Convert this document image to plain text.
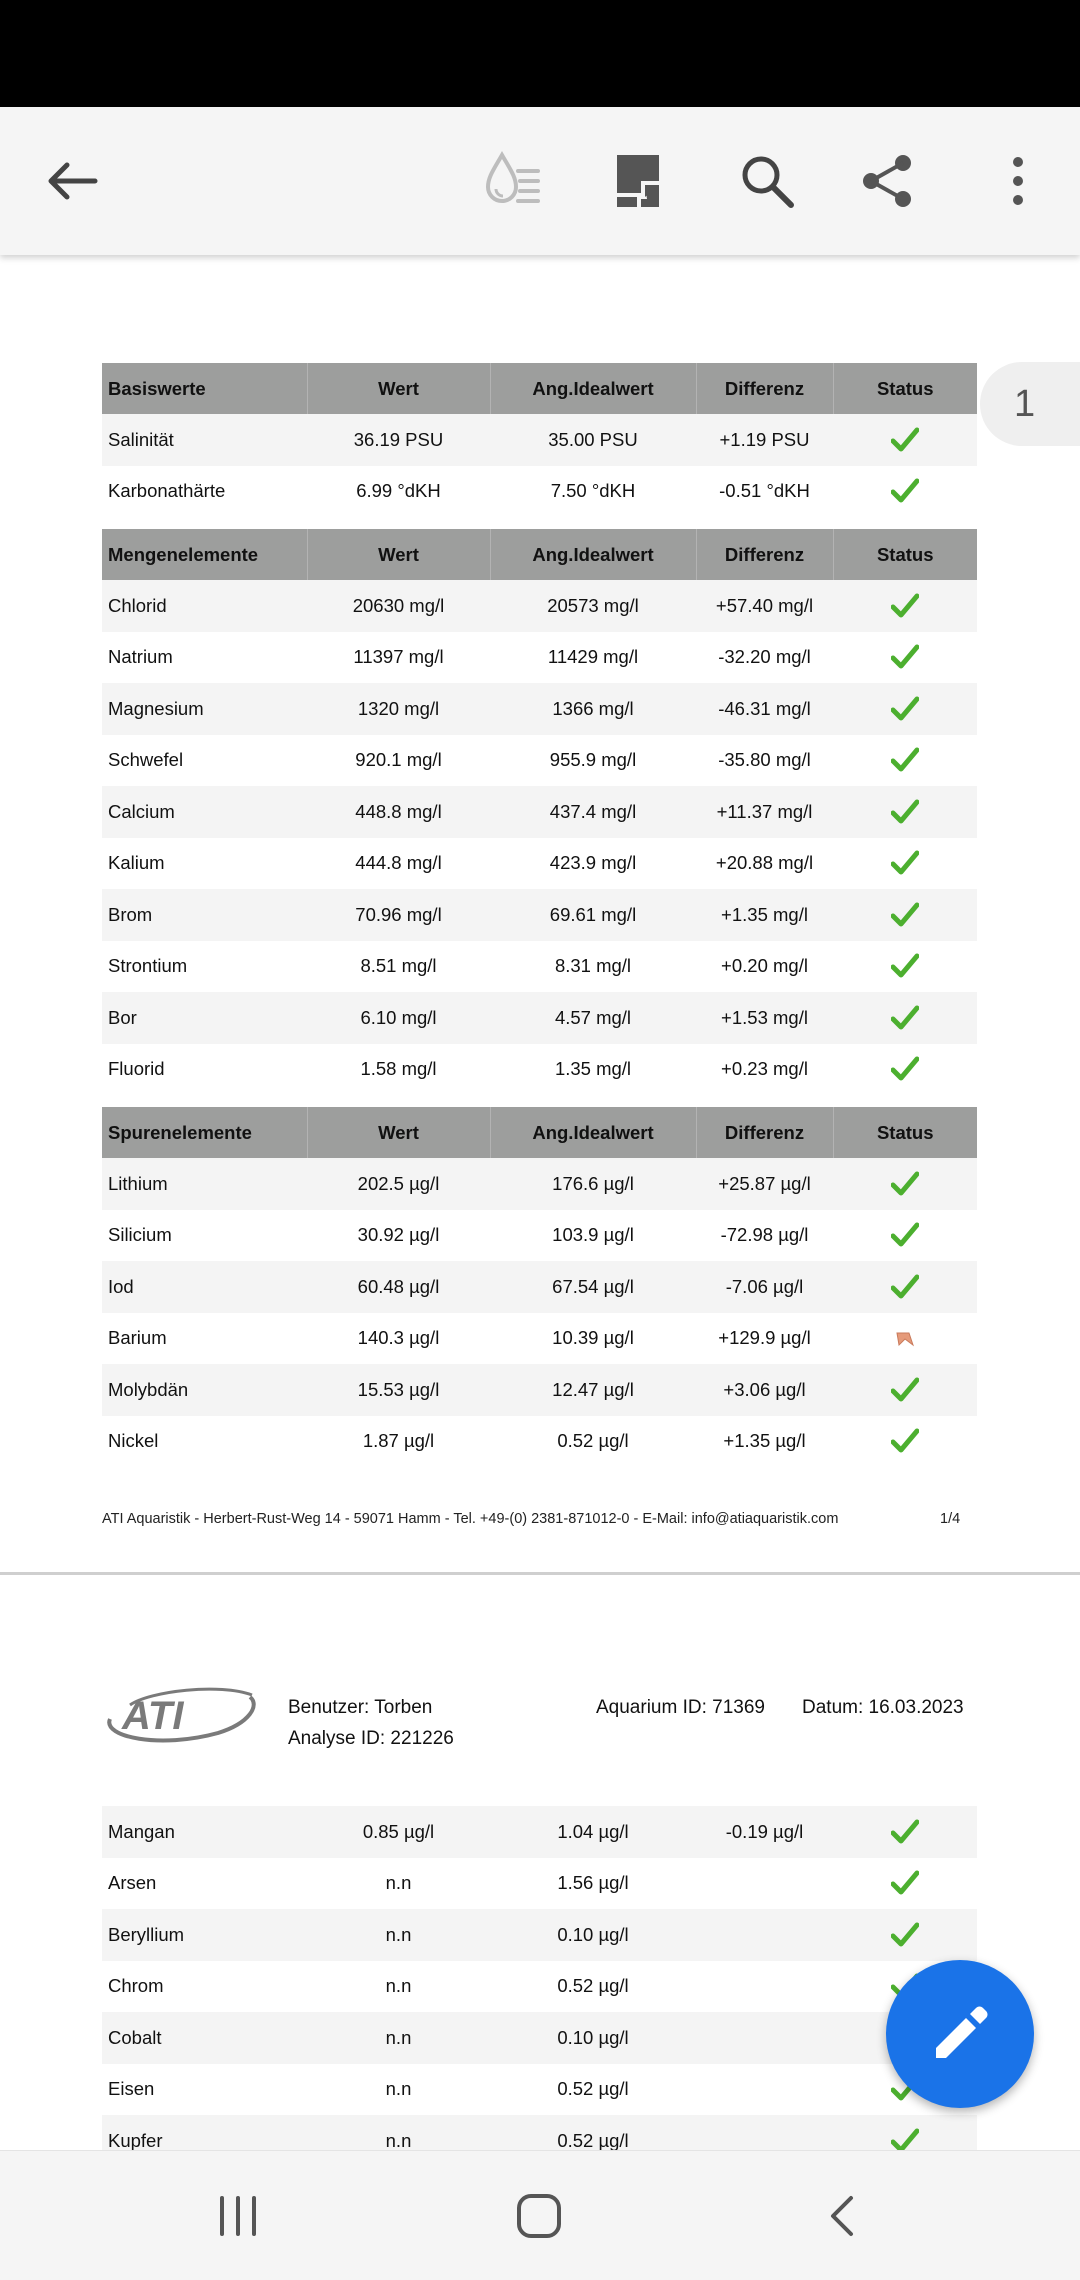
1
Basiswerte	Wert	Ang.Idealwert	Differenz	Status
Salinität	36.19 PSU	35.00 PSU	+1.19 PSU	
Karbonathärte	6.99 °dKH	7.50 °dKH	-0.51 °dKH	

Mengenelemente	Wert	Ang.Idealwert	Differenz	Status
Chlorid	20630 mg/l	20573 mg/l	+57.40 mg/l	
Natrium	11397 mg/l	11429 mg/l	-32.20 mg/l	
Magnesium	1320 mg/l	1366 mg/l	-46.31 mg/l	
Schwefel	920.1 mg/l	955.9 mg/l	-35.80 mg/l	
Calcium	448.8 mg/l	437.4 mg/l	+11.37 mg/l	
Kalium	444.8 mg/l	423.9 mg/l	+20.88 mg/l	
Brom	70.96 mg/l	69.61 mg/l	+1.35 mg/l	
Strontium	8.51 mg/l	8.31 mg/l	+0.20 mg/l	
Bor	6.10 mg/l	4.57 mg/l	+1.53 mg/l	
Fluorid	1.58 mg/l	1.35 mg/l	+0.23 mg/l	

Spurenelemente	Wert	Ang.Idealwert	Differenz	Status
Lithium	202.5 µg/l	176.6 µg/l	+25.87 µg/l	
Silicium	30.92 µg/l	103.9 µg/l	-72.98 µg/l	
Iod	60.48 µg/l	67.54 µg/l	-7.06 µg/l	
Barium	140.3 µg/l	10.39 µg/l	+129.9 µg/l	
Molybdän	15.53 µg/l	12.47 µg/l	+3.06 µg/l	
Nickel	1.87 µg/l	0.52 µg/l	+1.35 µg/l	
ATI Aquaristik - Herbert-Rust-Weg 14 - 59071 Hamm - Tel. +49-(0) 2381-871012-0 - E-Mail: info@atiaquaristik.com	1/4
ATI	Benutzer: Torben
Analyse ID: 221226
Aquarium ID: 71369 Datum: 16.03.2023
Mangan	0.85 µg/l	1.04 µg/l	-0.19 µg/l	
Arsen	n.n	1.56 µg/l		
Beryllium	n.n	0.10 µg/l		
Chrom	n.n	0.52 µg/l		
Cobalt	n.n	0.10 µg/l		
Eisen	n.n	0.52 µg/l		
Kupfer	n.n	0.52 µg/l		
